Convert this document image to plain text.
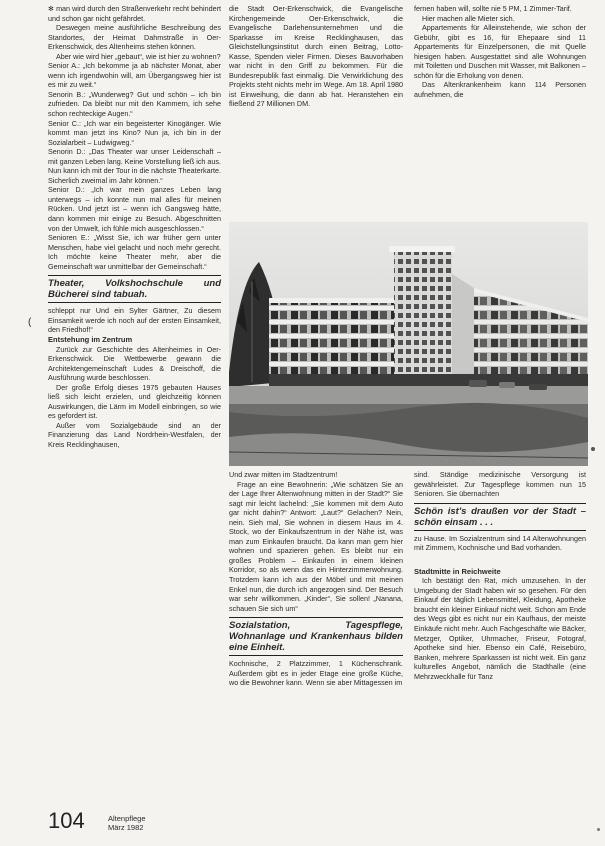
(

✻ man wird durch den Straßenverkehr recht behindert und schon gar nicht gefährdet.

Deswegen meine ausführliche Beschreibung des Standortes, der Heimat Dahmstraße in Oer-Erkenschwick, des Altenheims stehen können.

Aber wie wird hier „gebaut“, wie ist hier zu wohnen?

Senior A.: „Ich bekomme ja ab nächster Monat, aber wenn ich irgendwohin will, am Übergangsweg hier ist es mir zu weit.“

Senorin B.: „Wunderweg? Gut und schön – ich bin zufrieden. Da bleibt nur mit den Kammern, ich sehe schon rechteckige Augen.“

Senior C.: „Ich war ein begeisterter Kinogänger. Wie kommt man jetzt ins Kino? Nun ja, ich bin in der Sozialarbeit – Ludwigweg.“

Senorin D.: „Das Theater war unser Leidenschaft – mit ganzen Leben lang. Keine Vorstellung ließ ich aus. Nun kann ich mit der Tour in die nächste Theaterkarte. Sicherlich zweimal im Jahr können.“

Senior D.: „Ich war mein ganzes Leben lang unterwegs – ich konnte nun mal alles für meinen Rücken. Und jetzt ist – wenn ich Gangsweg hätte, dann kommen mir einige zu Besuch. Abgeschnitten von der Umwelt, ich fühle mich ausgeschlossen.“

Senioren E.: „Wisst Sie, ich war früher gern unter Menschen, habe viel gelacht und noch mehr gerecht. Ich möchte keine Theater mehr, aber die Gemeinschaft war unmittelbar der Gemeinschaft.“

Theater, Volkshochschule und Bücherei sind tabuah.

schleppt nur Und ein Sylter Gärtner, Zu diesem Einsamkeit werde ich noch auf der ersten Einsamkeit, den Friedhof!“

Entstehung im Zentrum

Zurück zur Geschichte des Altenheimes in Oer-Erkenschwick. Die Wettbewerbe gewann die Architektengemeinschaft Ludes & Dreischoff, die Ausführung wurde beschlossen.

Der große Erfolg dieses 1975 gebauten Hauses ließ sich leicht erzielen, und gleichzeitig können Auswirkungen, die Lärm im Modell einbringen, so wie es gefordert ist.

Außer vom Sozialgebäude sind an der Finanzierung das Land Nordrhein-Westfalen, der Kreis Recklinghausen,

die Stadt Oer-Erkenschwick, die Evangelische Kirchengemeinde Oer-Erkenschwick, die Evangelische Darlehensunternehmen und die Sparkasse im Kreise Recklinghausen, das Gleichstellungsinstitut durch einen Beitrag, Lotto-Kasse, Spenden vieler Firmen. Dieses Bauvorhaben war nicht in den Griff zu bekommen. Für die Bundesrepublik fast einmalig. Die Verwirklichung des Projekts steht nichts mehr im Wege. Am 18. April 1980 ist Einweihung, die dann ab hat. Heranstehen ein fließend 27 Millionen DM.

fernen haben will, sollte nie 5 PM, 1 Zimmer-Tarif.

Hier machen alle Mieter sich.

Appartements für Alleinstehende, wie schon der Gebühr, gibt es 16, für Ehepaare sind 11 Appartements für Einzelpersonen, die mit Quelle hiesigen haben. Ausgestattet sind alle Wohnungen mit Toiletten und Duschen mit Wasser, mit Balkonen – schön für die Erholung von denen.

Das Altenkrankenheim kann 114 Personen aufnehmen, die

Und zwar mitten im Stadtzentrum!

Frage an eine Bewohnerin: „Wie schätzen Sie an der Lage Ihrer Altenwohnung mitten in der Stadt?“ Sie sagt mir leicht lachelnd: „Sie kommen mit dem Auto gar nicht dahin?“ Antwort: „Laut?“ Gelachen? Nein, nein. Sieh mal, Sie wohnen in diesem Haus im 4. Stock, wo der Einkaufszentrum in der Nähe ist, was man zum Einkaufen braucht. Da kann man gern hier wohnen und spazieren gehen. Es bleibt nur ein großes Problem – Einkaufen in einem kleinen Korridor, so als wenn das ein Hinterzimmerwohnung. Trotzdem kann ich aus der Möbel und mit meinen Enkel nun, die durch ich angezogen sind. Der Besuch war sehr willkommen. „Kinder“, Sie sollen! „Nanana, schauen Sie sich um“

Sozialstation, Tagespflege, Wohnanlage und Krankenhaus bilden eine Einheit.

Kochnische, 2 Platzzimmer, 1 Küchenschrank. Außerdem gibt es in jeder Etage eine große Küche, wo die Bewohner kann. Wenn sie aber Mittagessen im

sind. Ständige medizinische Versorgung ist gewährleistet. Zur Tagespflege kommen nun 15 Senioren. Sie übernachten

Schön ist's draußen vor der Stadt – schön einsam . . .

zu Hause. Im Sozialzentrum sind 14 Altenwohnungen mit Zimmern, Kochnische und Bad vorhanden.

Stadtmitte in Reichweite

Ich bestätigt den Rat, mich umzusehen. In der Umgebung der Stadt haben wir so gesehen. Für den Einkauf der täglich Lebensmittel, Kleidung, Apotheke braucht ein kleiner Einkauf nicht weit. Schon am Ende des Wegs gibt es nicht nur ein Kaufhaus, der meiste Einkäufe nicht mehr. Auch Fachgeschäfte wie Bäcker, Metzger, Optiker, Uhrmacher, Friseur, Fotograf, Apotheke sind hier. Ebenso ein Café, Reisebüro, Banken, mehrere Sparkassen ist nicht weit. Ein ganz kulturelles Angebot, nämlich die Stadthalle (eine Mehrzweckhalle für Tanz

104	Altenpflege
März 1982
